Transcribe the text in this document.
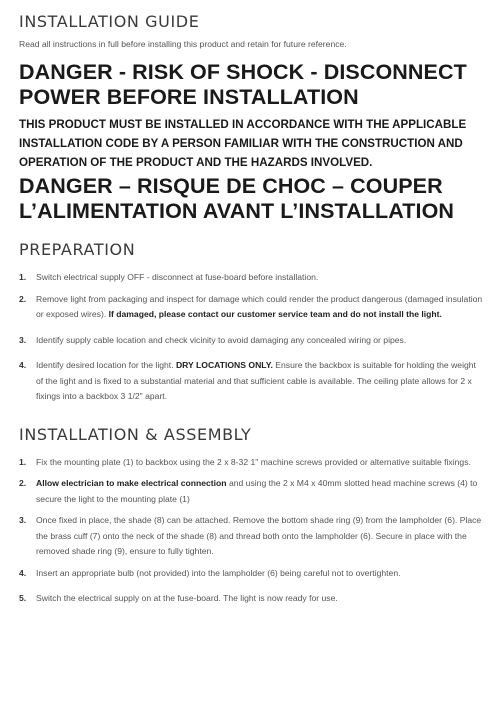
INSTALLATION GUIDE

Read all instructions in full before installing this product and retain for future reference.

DANGER - RISK OF SHOCK - DISCONNECT
POWER BEFORE INSTALLATION

THIS PRODUCT MUST BE INSTALLED IN ACCORDANCE WITH THE APPLICABLE INSTALLATION CODE BY A PERSON FAMILIAR WITH THE CONSTRUCTION AND OPERATION OF THE PRODUCT AND THE HAZARDS INVOLVED.

DANGER – RISQUE DE CHOC – COUPER
L’ALIMENTATION AVANT L’INSTALLATION
PREPARATION
1. Switch electrical supply OFF - disconnect at fuse-board before installation.
2. Remove light from packaging and inspect for damage which could render the product dangerous (damaged insulation or exposed wires). If damaged, please contact our customer service team and do not install the light.
3. Identify supply cable location and check vicinity to avoid damaging any concealed wiring or pipes.
4. Identify desired location for the light. DRY LOCATIONS ONLY. Ensure the backbox is suitable for holding the weight of the light and is fixed to a substantial material and that sufficient cable is available. The ceiling plate allows for 2 x fixings into a backbox 3 1/2" apart.
INSTALLATION & ASSEMBLY
1. Fix the mounting plate (1) to backbox using the 2 x 8-32 1" machine screws provided or alternative suitable fixings.
2. Allow electrician to make electrical connection and using the 2 x M4 x 40mm slotted head machine screws (4) to secure the light to the mounting plate (1)
3. Once fixed in place, the shade (8) can be attached. Remove the bottom shade ring (9) from the lampholder (6). Place the brass cuff (7) onto the neck of the shade (8) and thread both onto the lampholder (6). Secure in place with the removed shade ring (9), ensure to fully tighten.
4. Insert an appropriate bulb (not provided) into the lampholder (6) being careful not to overtighten.
5. Switch the electrical supply on at the fuse-board. The light is now ready for use.
